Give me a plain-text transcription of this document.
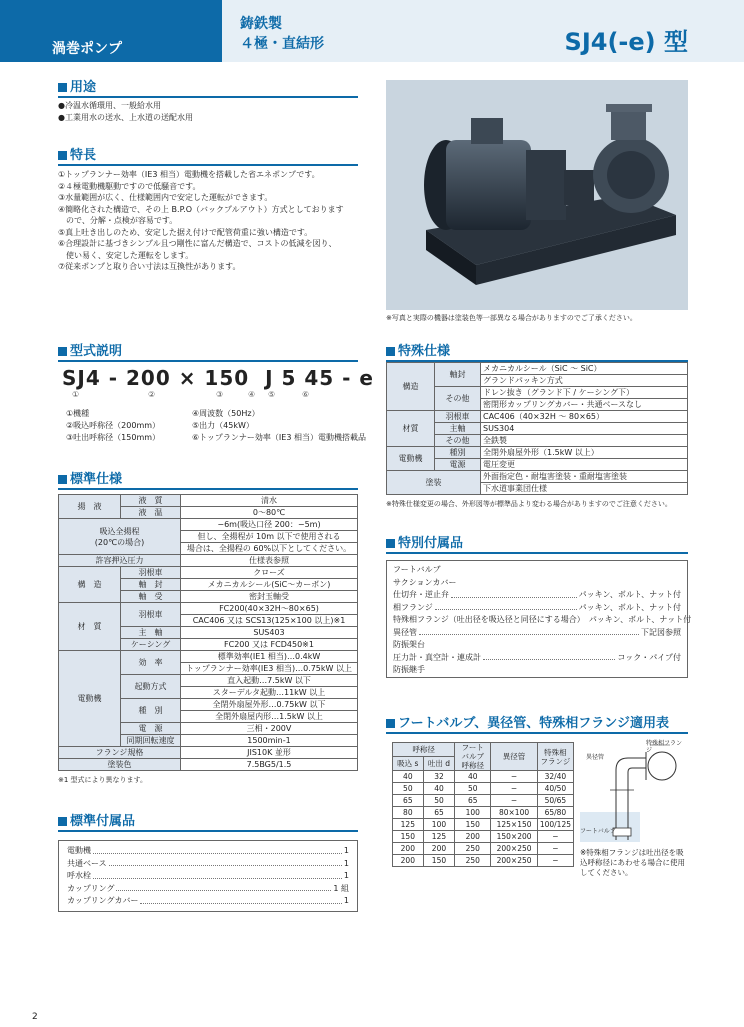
渦巻ポンプ
鋳鉄製
４極・直結形	SJ4(-e) 型
用途
●冷温水循環用、一般給水用
●工業用水の送水、上水道の送配水用
特長
①トップランナー効率（IE3 相当）電動機を搭載した省エネポンプです。
②４極電動機駆動ですので低騒音です。
③水量範囲が広く、仕様範囲内で安定した運転ができます。
④簡略化された構造で、その上 B.P.O（バックプルアウト）方式としております
　ので、分解・点検が容易です。
⑤真上吐き出しのため、安定した据え付けで配管荷重に強い構造です。
⑥合理設計に基づきシンプル且つ剛性に富んだ構造で、コストの低減を図り、
　使い易く、安定した運転をします。
⑦従来ポンプと取り合い寸法は互換性があります。
※写真と実際の機器は塗装色等一部異なる場合がありますのでご了承ください。
型式説明
SJ4 - 200 × 150  J 5 45 - e
①	②	③	④ ⑤	⑥
①機種
②吸込呼称径（200mm）
③吐出呼称径（150mm）
④周波数（50Hz）
⑤出力（45kW）
⑥トップランナー効率（IE3 相当）電動機搭載品
標準仕様
揚　液	液　質	清水
	液　温	0～80℃

吸込全揚程
(20℃の場合)		−6m(吸込口径 200：−5m)
		但し、全揚程が 10m 以下で使用される
		場合は、全揚程の 60%以下としてください。
許容押込圧力		仕様表参照
構　造	羽根車	クローズ
	軸　封	メカニカルシール(SiC〜カーボン)
	軸　受	密封玉軸受
材　質	羽根車	FC200(40×32H〜80×65)
		CAC406 又は SCS13(125×100 以上)※1
	主　軸	SUS403
	ケーシング	FC200 又は FCD450※1
電動機	効　率	標準効率(IE1 相当)…0.4kW
		トップランナー効率(IE3 相当)…0.75kW 以上
	起動方式	直入起動…7.5kW 以下
		スターデルタ起動…11kW 以上
	種　別	全閉外扇屋外形…0.75kW 以下
		全閉外扇屋内形…1.5kW 以上
	電　源	三相・200V
	同期回転速度	1500min-1
フランジ規格		JIS10K 並形
塗装色		7.5BG5/1.5
※1 型式により異なります。
標準付属品
電動機	1
共通ベース	1
呼水栓	1
カップリング	1 組
カップリングカバー	1
特殊仕様
構造	軸封	メカニカルシール（SiC ～ SiC）
		グランドパッキン方式
	その他	ドレン抜き（グランド下 / ケーシング下）
		密閉形カップリングカバー・共通ベースなし
材質	羽根車	CAC406（40×32H ～ 80×65）
	主軸	SUS304
	その他	全鉄製
電動機	種別	全閉外扇屋外形（1.5kW 以上）
	電源	電圧変更
塗装		外面指定色・耐塩害塗装・重耐塩害塗装
		下水道事業団仕様
※特殊仕様変更の場合、外形図等が標準品より変わる場合がありますのでご注意ください。
特別付属品
フートバルブ
サクションカバー
仕切弁・逆止弁	パッキン、ボルト、ナット付
相フランジ	パッキン、ボルト、ナット付
特殊相フランジ（吐出径を吸込径と同径にする場合） パッキン、ボルト、ナット付
異径管	下記図参照
防振架台
圧力計・真空計・連成計	コック・パイプ付
防振継手
フートバルブ、異径管、特殊相フランジ適用表
呼称径		フート バルブ 呼称径	異径管	特殊相 フランジ
吸込 s	吐出 d			
40	32	40	−	32/40
50	40	50	−	40/50
65	50	65	−	50/65
80	65	100	80×100	65/80
125	100	150	125×150	100/125
150	125	200	150×200	−
200	200	250	200×250	−
200	150	250	200×250	−
異径管
特殊相フランジ
フートバルブ
※特殊相フランジは吐出径を吸込呼称径にあわせる場合に使用してください。
2
